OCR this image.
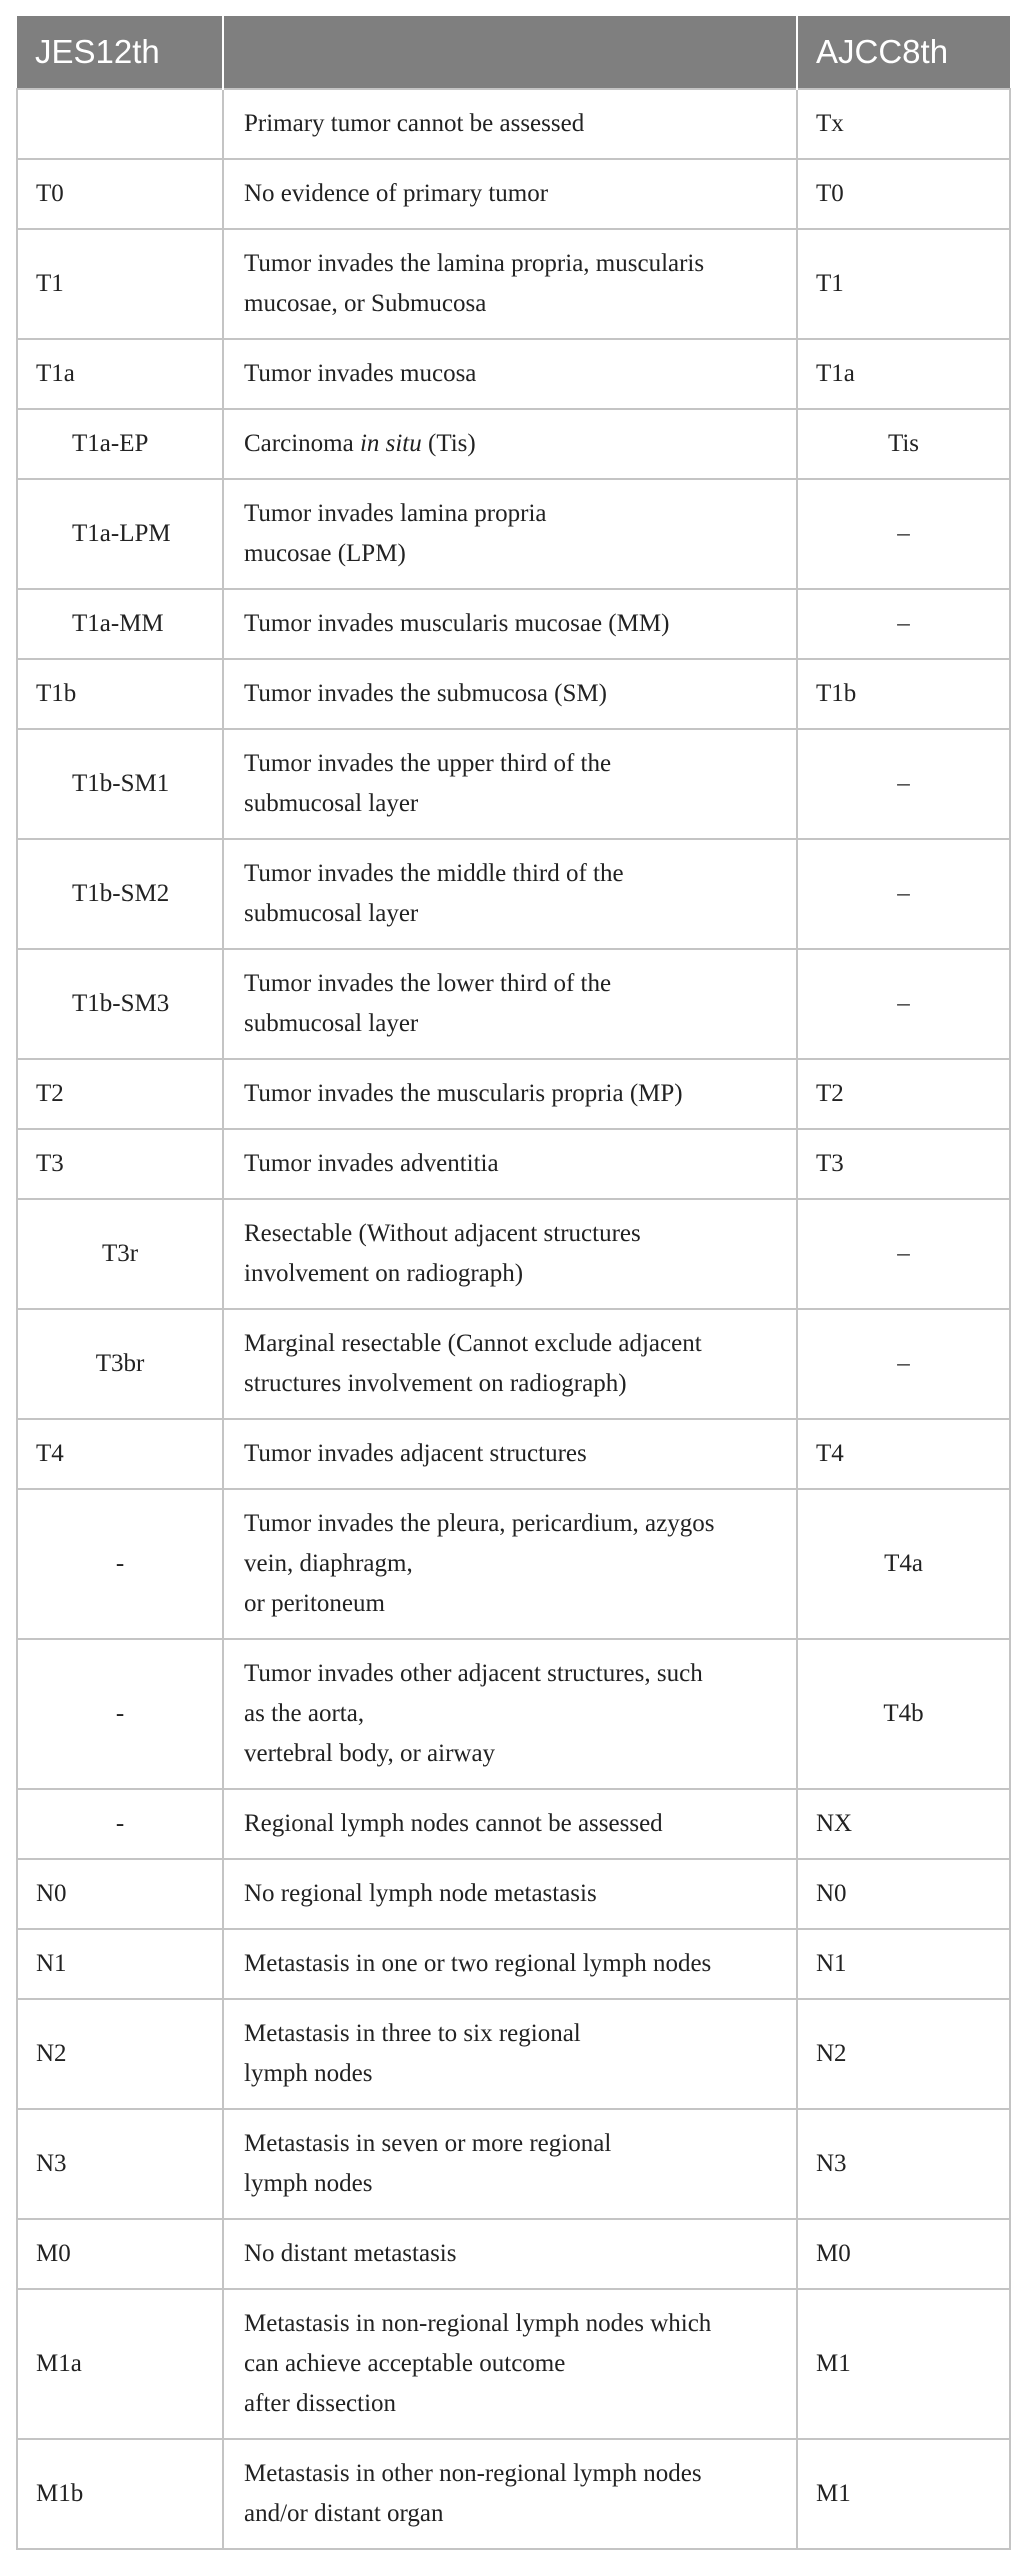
JES12th		AJCC8th
	Primary tumor cannot be assessed	Tx
T0	No evidence of primary tumor	T0
T1	Tumor invades the lamina propria, muscularis
mucosae, or Submucosa	T1
T1a	Tumor invades mucosa	T1a
T1a-EP	Carcinoma in situ (Tis)	Tis
T1a-LPM	Tumor invades lamina propria
mucosae (LPM)	–
T1a-MM	Tumor invades muscularis mucosae (MM)	–
T1b	Tumor invades the submucosa (SM)	T1b
T1b-SM1	Tumor invades the upper third of the
submucosal layer	–
T1b-SM2	Tumor invades the middle third of the
submucosal layer	–
T1b-SM3	Tumor invades the lower third of the
submucosal layer	–
T2	Tumor invades the muscularis propria (MP)	T2
T3	Tumor invades adventitia	T3
T3r	Resectable (Without adjacent structures
involvement on radiograph)	–
T3br	Marginal resectable (Cannot exclude adjacent
structures involvement on radiograph)	–
T4	Tumor invades adjacent structures	T4
-	Tumor invades the pleura, pericardium, azygos
vein, diaphragm,
or peritoneum	T4a
-	Tumor invades other adjacent structures, such
as the aorta,
vertebral body, or airway	T4b
-	Regional lymph nodes cannot be assessed	NX
N0	No regional lymph node metastasis	N0
N1	Metastasis in one or two regional lymph nodes	N1
N2	Metastasis in three to six regional
lymph nodes	N2
N3	Metastasis in seven or more regional
lymph nodes	N3
M0	No distant metastasis	M0
M1a	Metastasis in non-regional lymph nodes which
can achieve acceptable outcome
after dissection	M1
M1b	Metastasis in other non-regional lymph nodes
and/or distant organ	M1
